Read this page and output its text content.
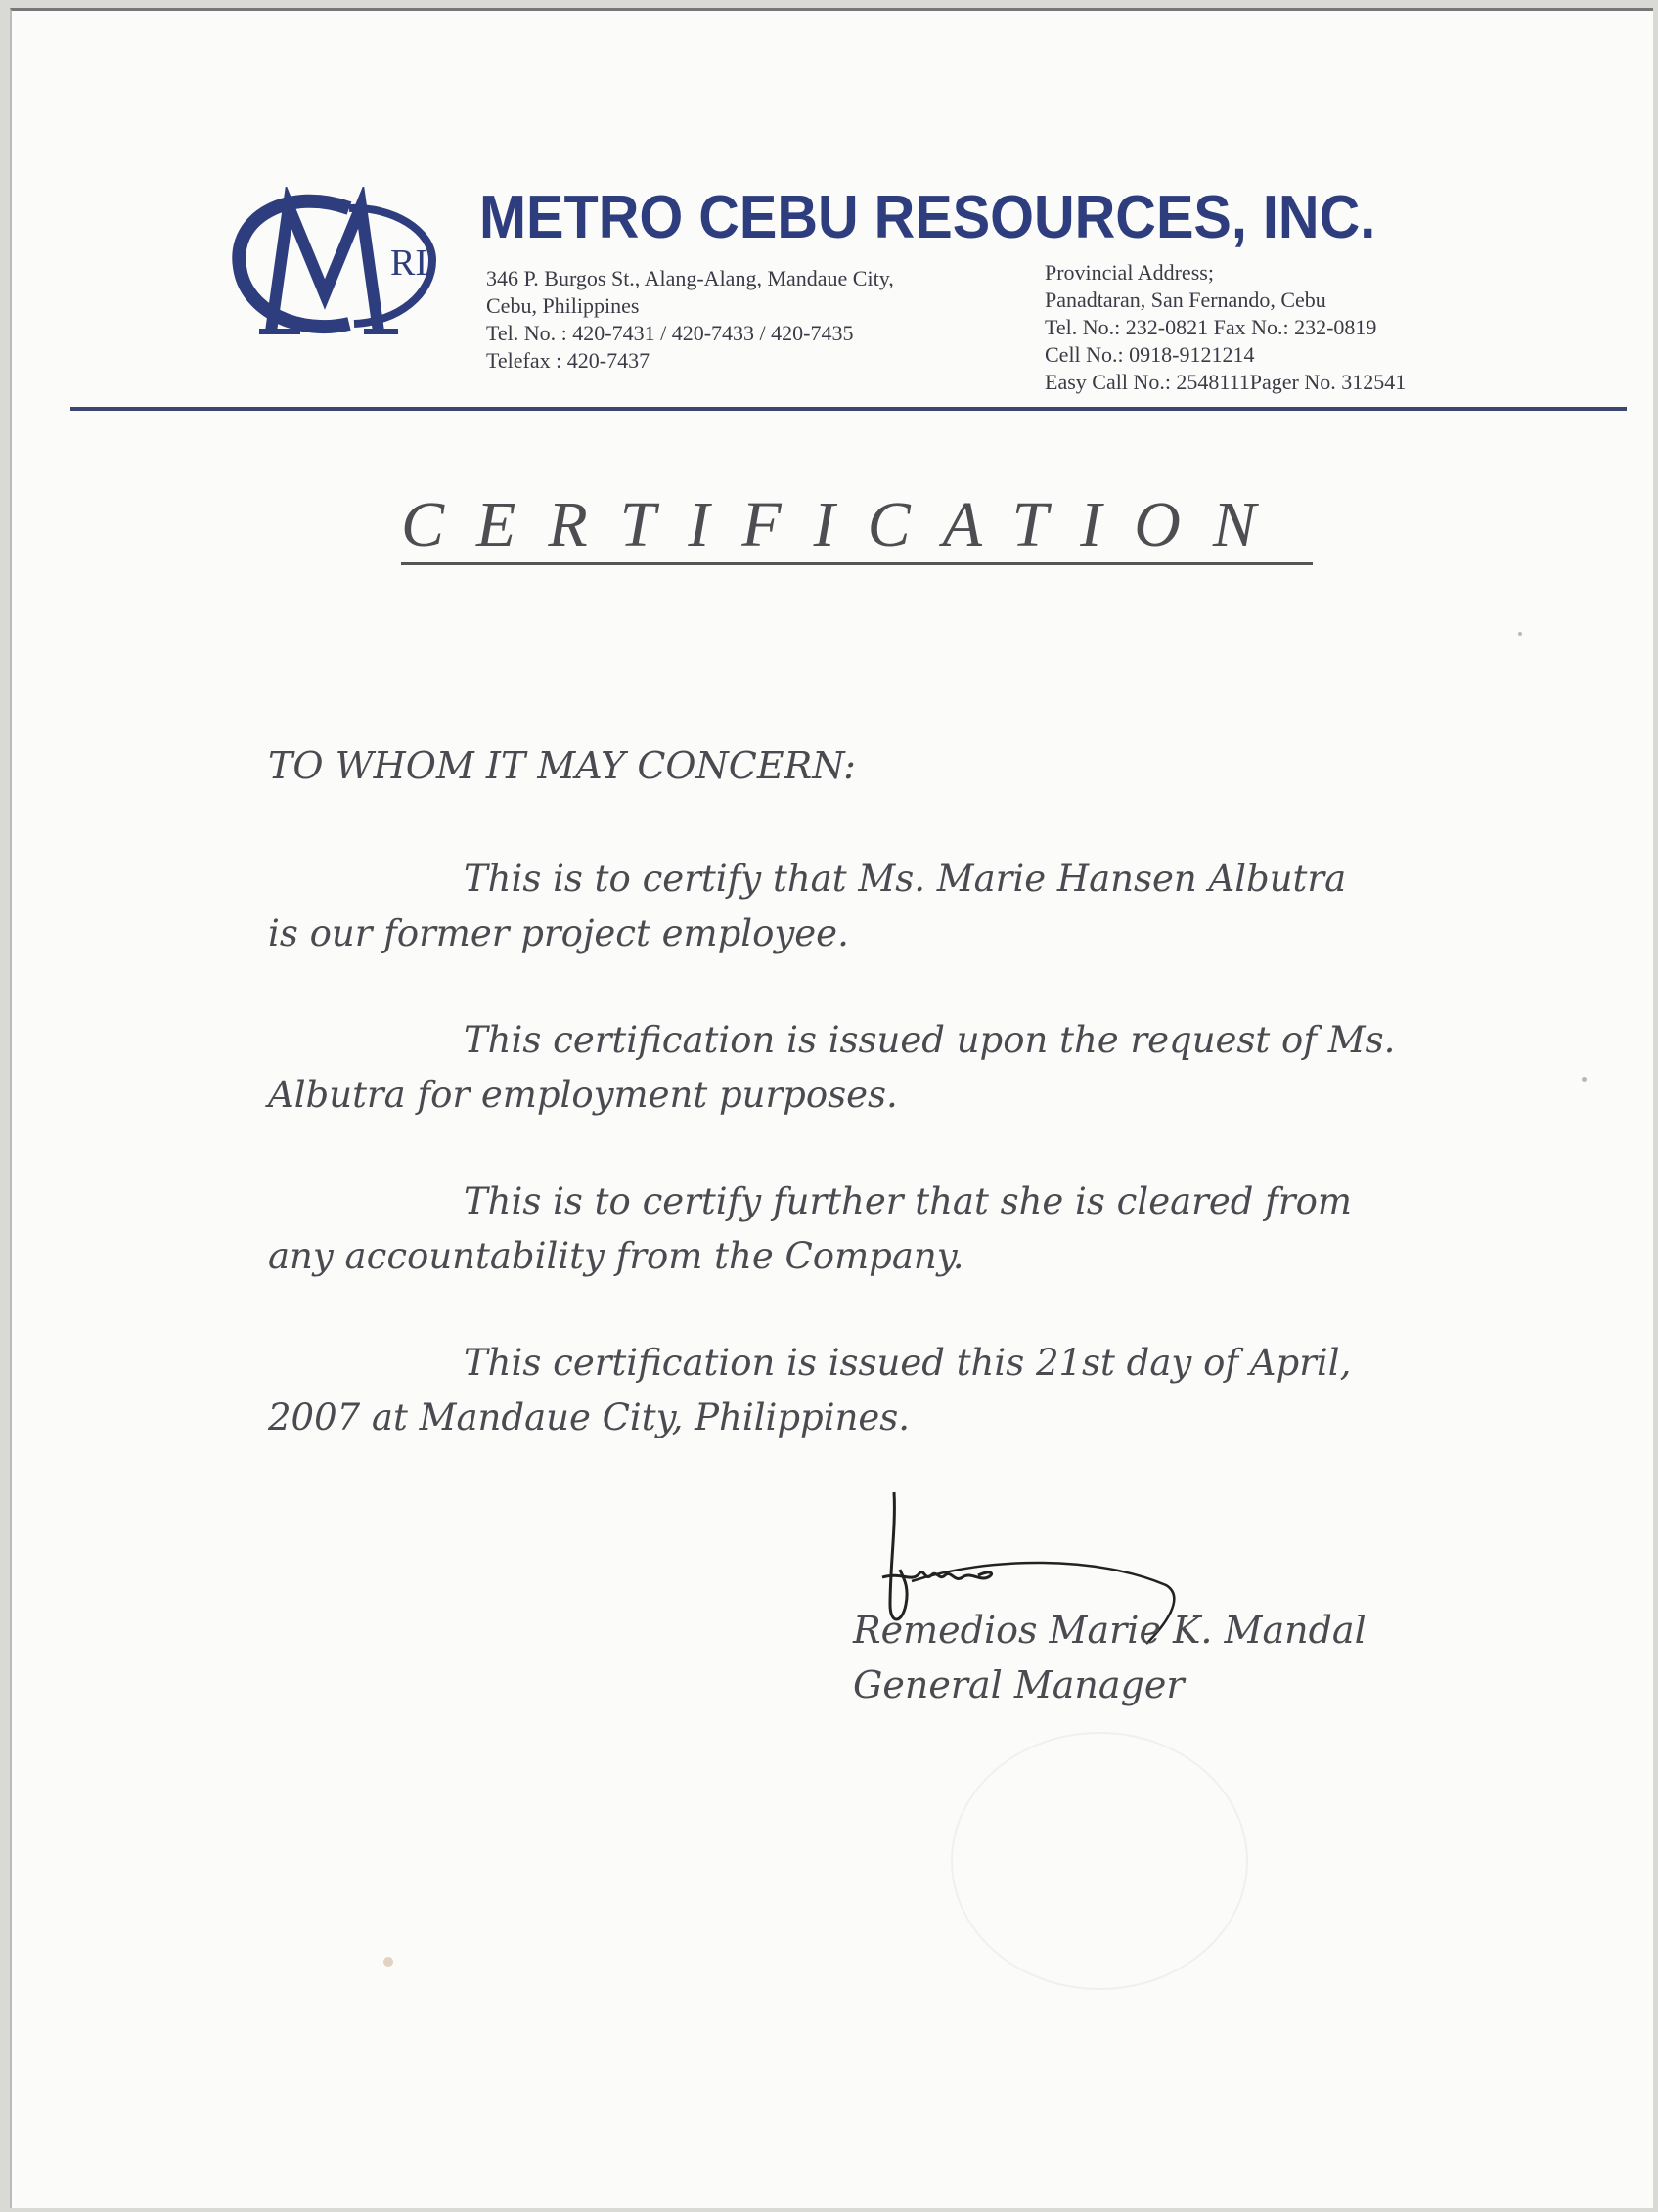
RI
METRO CEBU RESOURCES, INC.
346 P. Burgos St., Alang-Alang, Mandaue City,
Cebu, Philippines
Tel. No. : 420-7431 / 420-7433 / 420-7435
Telefax : 420-7437
Provincial Address;
Panadtaran, San Fernando, Cebu
Tel. No.: 232-0821 Fax No.: 232-0819
Cell No.: 0918-9121214
Easy Call No.: 2548111Pager No. 312541
CERTIFICATION
TO WHOM IT MAY CONCERN:
This is to certify that Ms. Marie Hansen Albutra
is our former project employee.
This certification is issued upon the request of Ms.
Albutra for employment purposes.
This is to certify further that she is cleared from
any accountability from the Company.
This certification is issued this 21st day of April,
2007 at Mandaue City, Philippines.
Remedios Marie K. Mandal
General Manager
